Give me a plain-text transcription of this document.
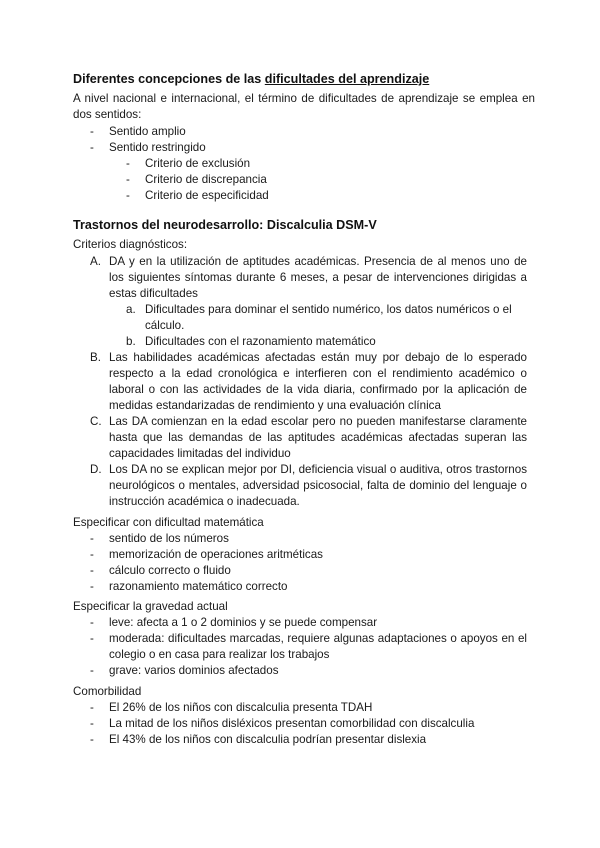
Diferentes concepciones de las dificultades del aprendizaje
A nivel nacional e internacional, el término de dificultades de aprendizaje se emplea en dos sentidos:
- Sentido amplio
- Sentido restringido
- Criterio de exclusión
- Criterio de discrepancia
- Criterio de especificidad
Trastornos del neurodesarrollo: Discalculia DSM-V
Criterios diagnósticos:
A. DA y en la utilización de aptitudes académicas. Presencia de al menos uno de los siguientes síntomas durante 6 meses, a pesar de intervenciones dirigidas a estas dificultades
a. Dificultades para dominar el sentido numérico, los datos numéricos o el cálculo.
b. Dificultades con el razonamiento matemático
B. Las habilidades académicas afectadas están muy por debajo de lo esperado respecto a la edad cronológica e interfieren con el rendimiento académico o laboral o con las actividades de la vida diaria, confirmado por la aplicación de medidas estandarizadas de rendimiento y una evaluación clínica
C. Las DA comienzan en la edad escolar pero no pueden manifestarse claramente hasta que las demandas de las aptitudes académicas afectadas superan las capacidades limitadas del individuo
D. Los DA no se explican mejor por DI, deficiencia visual o auditiva, otros trastornos neurológicos o mentales, adversidad psicosocial, falta de dominio del lenguaje o instrucción académica o inadecuada.
Especificar con dificultad matemática
- sentido de los números
- memorización de operaciones aritméticas
- cálculo correcto o fluido
- razonamiento matemático correcto
Especificar la gravedad actual
- leve: afecta a 1 o 2 dominios y se puede compensar
- moderada: dificultades marcadas, requiere algunas adaptaciones o apoyos en el colegio o en casa para realizar los trabajos
- grave: varios dominios afectados
Comorbilidad
- El 26% de los niños con discalculia presenta TDAH
- La mitad de los niños disléxicos presentan comorbilidad con discalculia
- El 43% de los niños con discalculia podrían presentar dislexia
